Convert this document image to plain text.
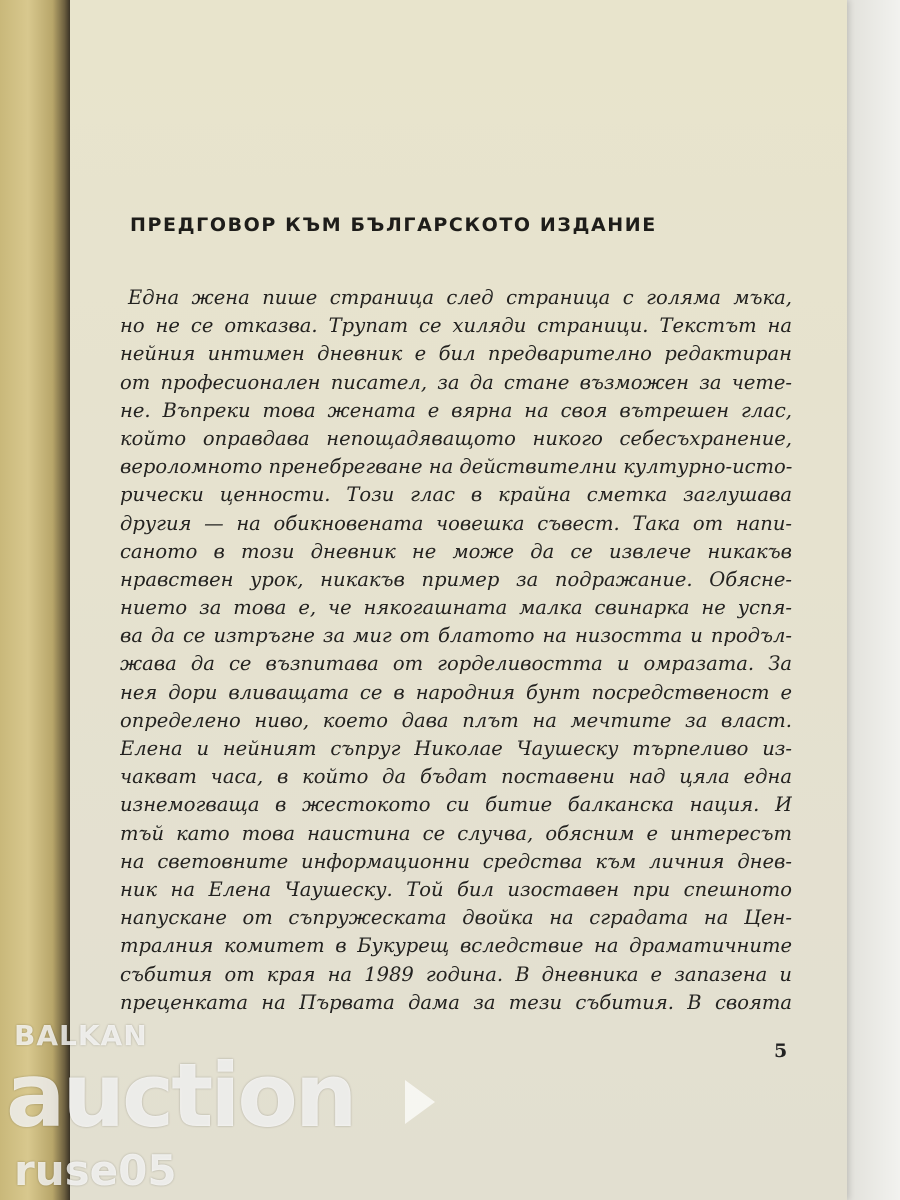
ПРЕДГОВОР КЪМ БЪЛГАРСКОТО ИЗДАНИЕ
Една жена пише страница след страница с голяма мъка,
но не се отказва. Трупат се хиляди страници. Текстът на
нейния интимен дневник е бил предварително редактиран
от професионален писател, за да стане възможен за чете-
не. Въпреки това жената е вярна на своя вътрешен глас,
който оправдава непощадяващото никого себесъхранение,
вероломното пренебрегване на действителни културно-исто-
рически ценности. Този глас в крайна сметка заглушава
другия — на обикновената човешка съвест. Така от напи-
саното в този дневник не може да се извлече никакъв
нравствен урок, никакъв пример за подражание. Обясне-
нието за това е, че някогашната малка свинарка не успя-
ва да се изтръгне за миг от блатото на низостта и продъл-
жава да се възпитава от горделивостта и омразата. За
нея дори вливащата се в народния бунт посредственост е
определено ниво, което дава плът на мечтите за власт.
Елена и нейният съпруг Николае Чаушеску търпеливо из-
чакват часа, в който да бъдат поставени над цяла една
изнемогваща в жестокото си битие балканска нация. И
тъй като това наистина се случва, обясним е интересът
на световните информационни средства към личния днев-
ник на Елена Чаушеску. Той бил изоставен при спешното
напускане от съпружеската двойка на сградата на Цен-
тралния комитет в Букурещ вследствие на драматичните
събития от края на 1989 година. В дневника е запазена и
преценката на Първата дама за тези събития. В своята
5
BALKAN
auction
ruse05
